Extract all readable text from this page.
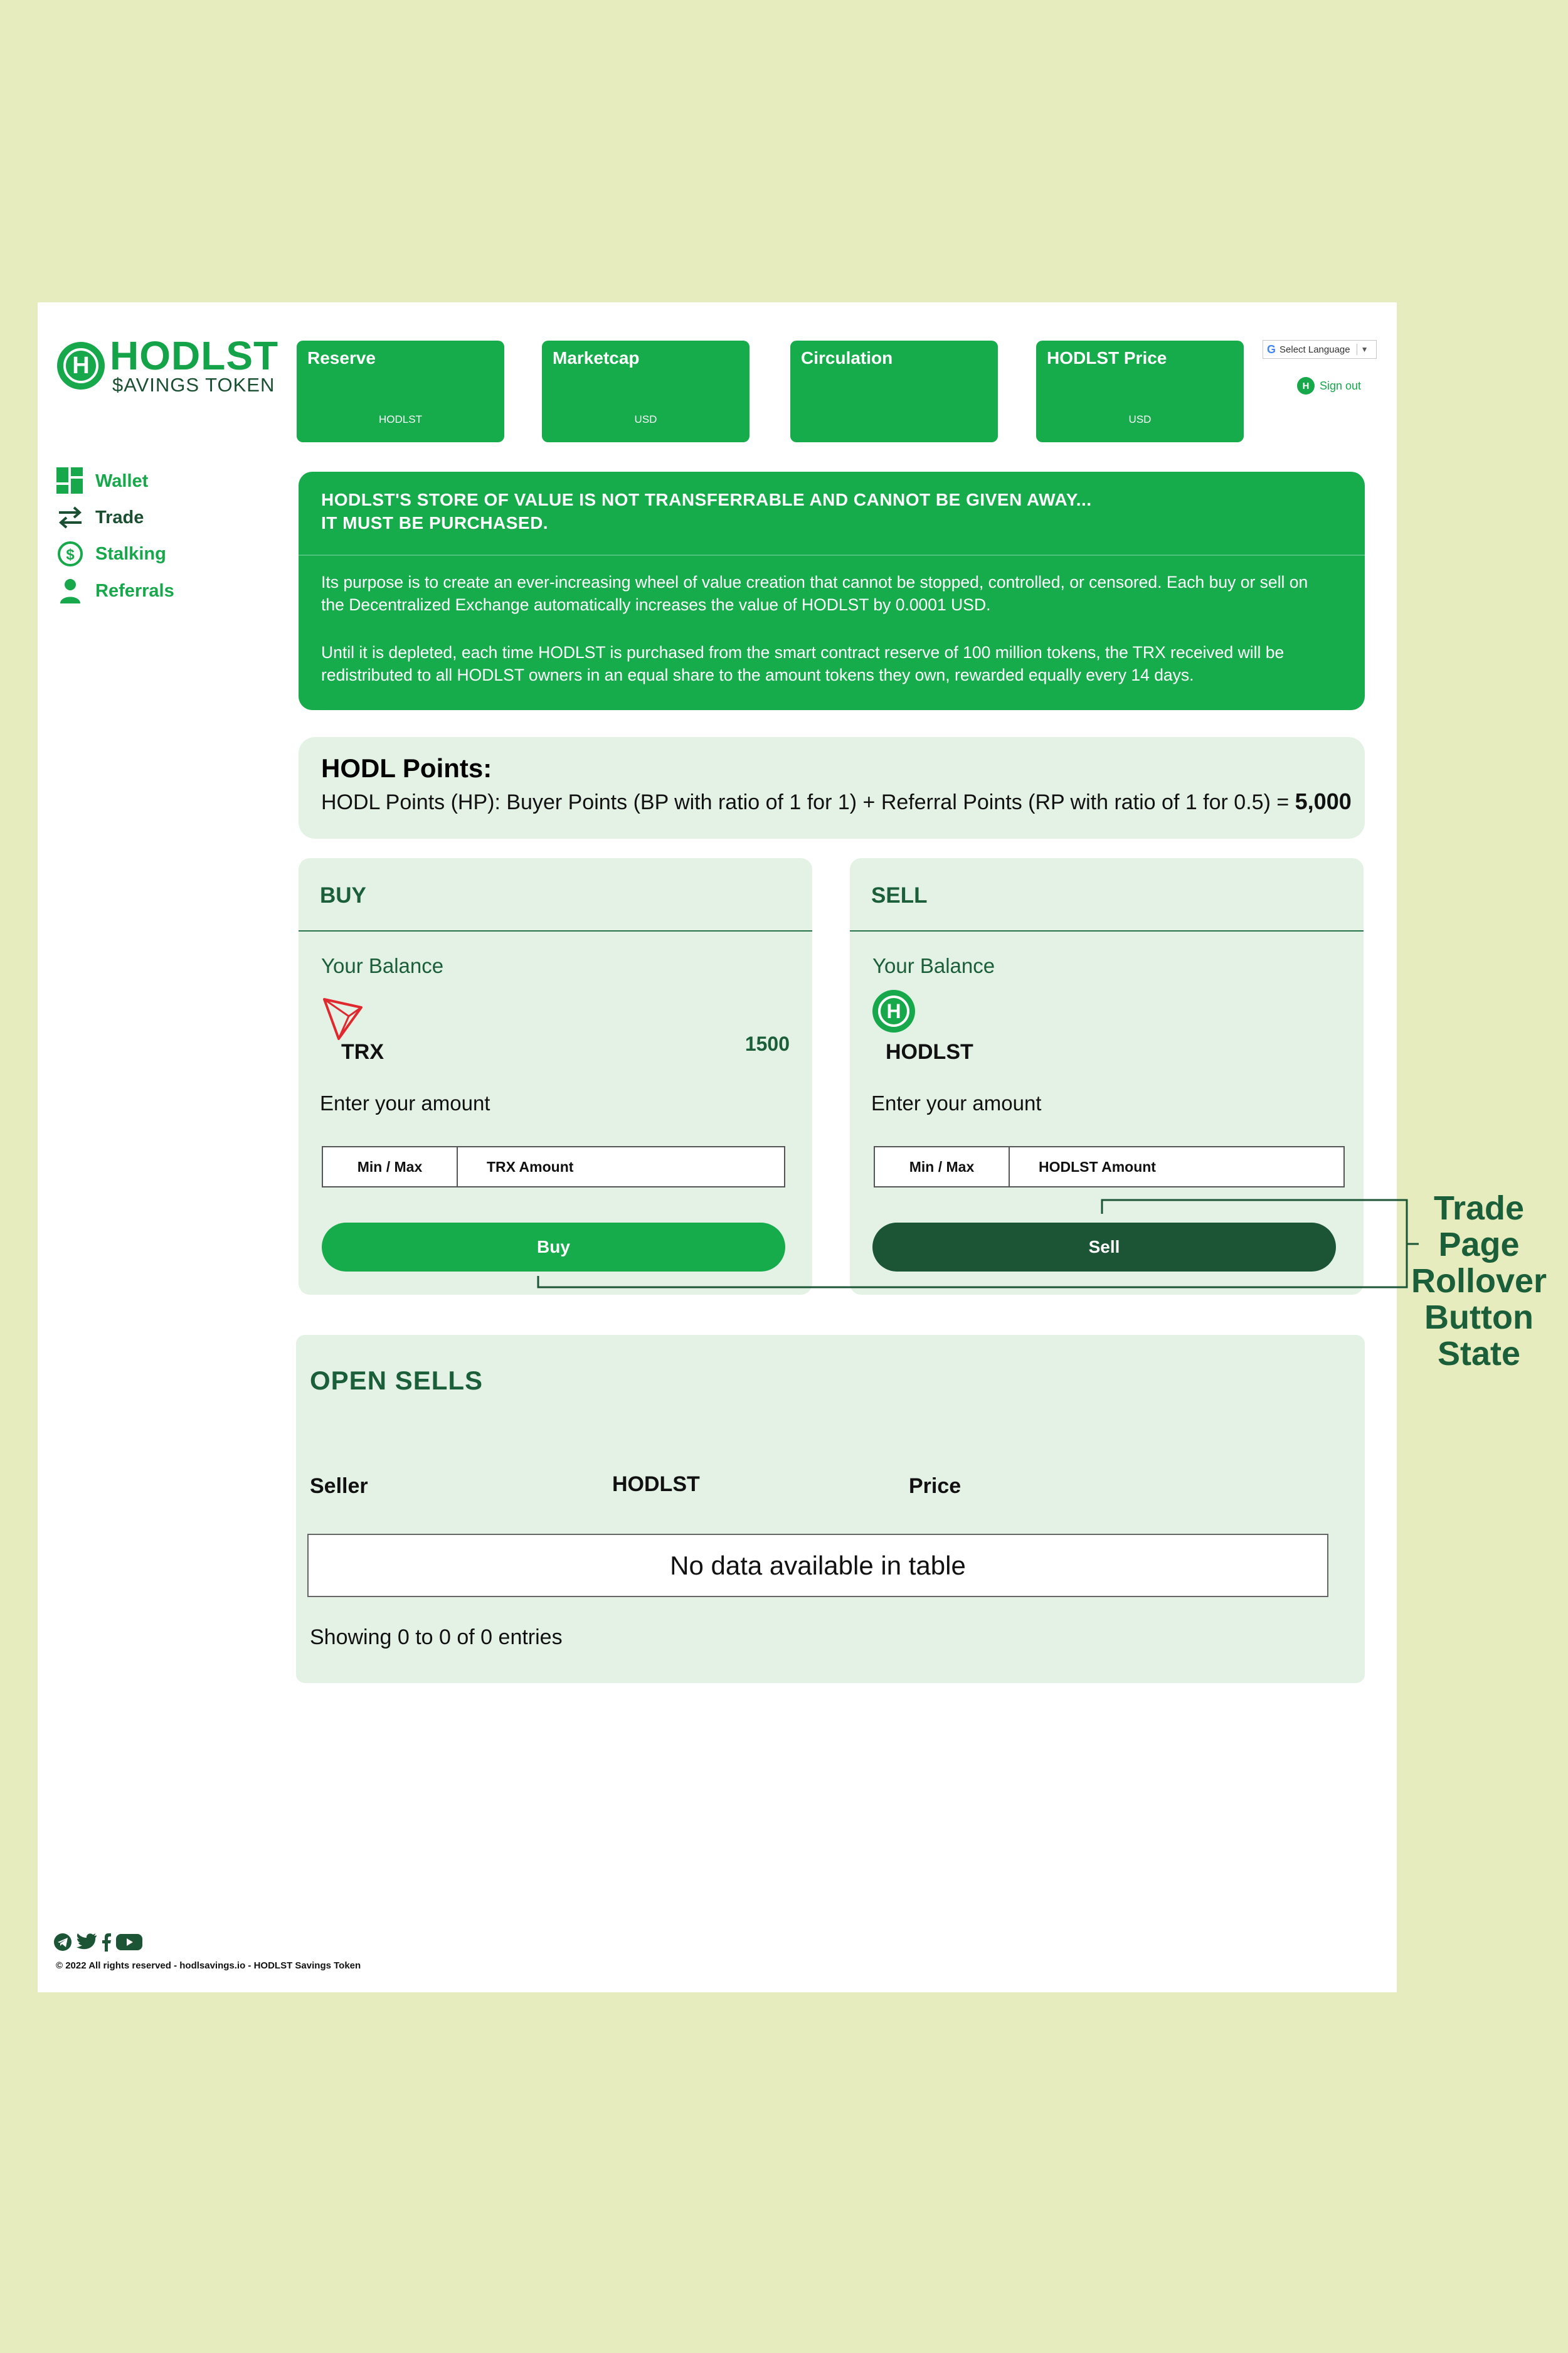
H HODLST
$AVINGS TOKEN
Reserve
HODLST
Marketcap
USD
Circulation	HODLST Price
USD
G Select Language ▼
H Sign out
Wallet
Trade
$ Stalking
Referrals
HODLST'S STORE OF VALUE IS NOT TRANSFERRABLE AND CANNOT BE GIVEN AWAY...
IT MUST BE PURCHASED.
Its purpose is to create an ever-increasing wheel of value creation that cannot be stopped, controlled, or censored. Each buy or sell on the Decentralized Exchange automatically increases the value of HODLST by 0.0001 USD.
Until it is depleted, each time HODLST is purchased from the smart contract reserve of 100 million tokens, the TRX received will be redistributed to all HODLST owners in an equal share to the amount tokens they own, rewarded equally every 14 days.
HODL Points:
HODL Points (HP): Buyer Points (BP with ratio of 1 for 1) + Referral Points (RP with ratio of 1 for 0.5) = 5,000
BUY
Your Balance
TRX	1500
Enter your amount
Min / Max	TRX Amount
Buy
SELL
Your Balance
H
HODLST
Enter your amount
Min / Max	HODLST Amount
Sell
OPEN SELLS
Seller	HODLST	Price
No data available in table
Showing 0 to 0 of 0 entries
Trade
Page
Rollover
Button
State
© 2022 All rights reserved - hodlsavings.io - HODLST Savings Token
